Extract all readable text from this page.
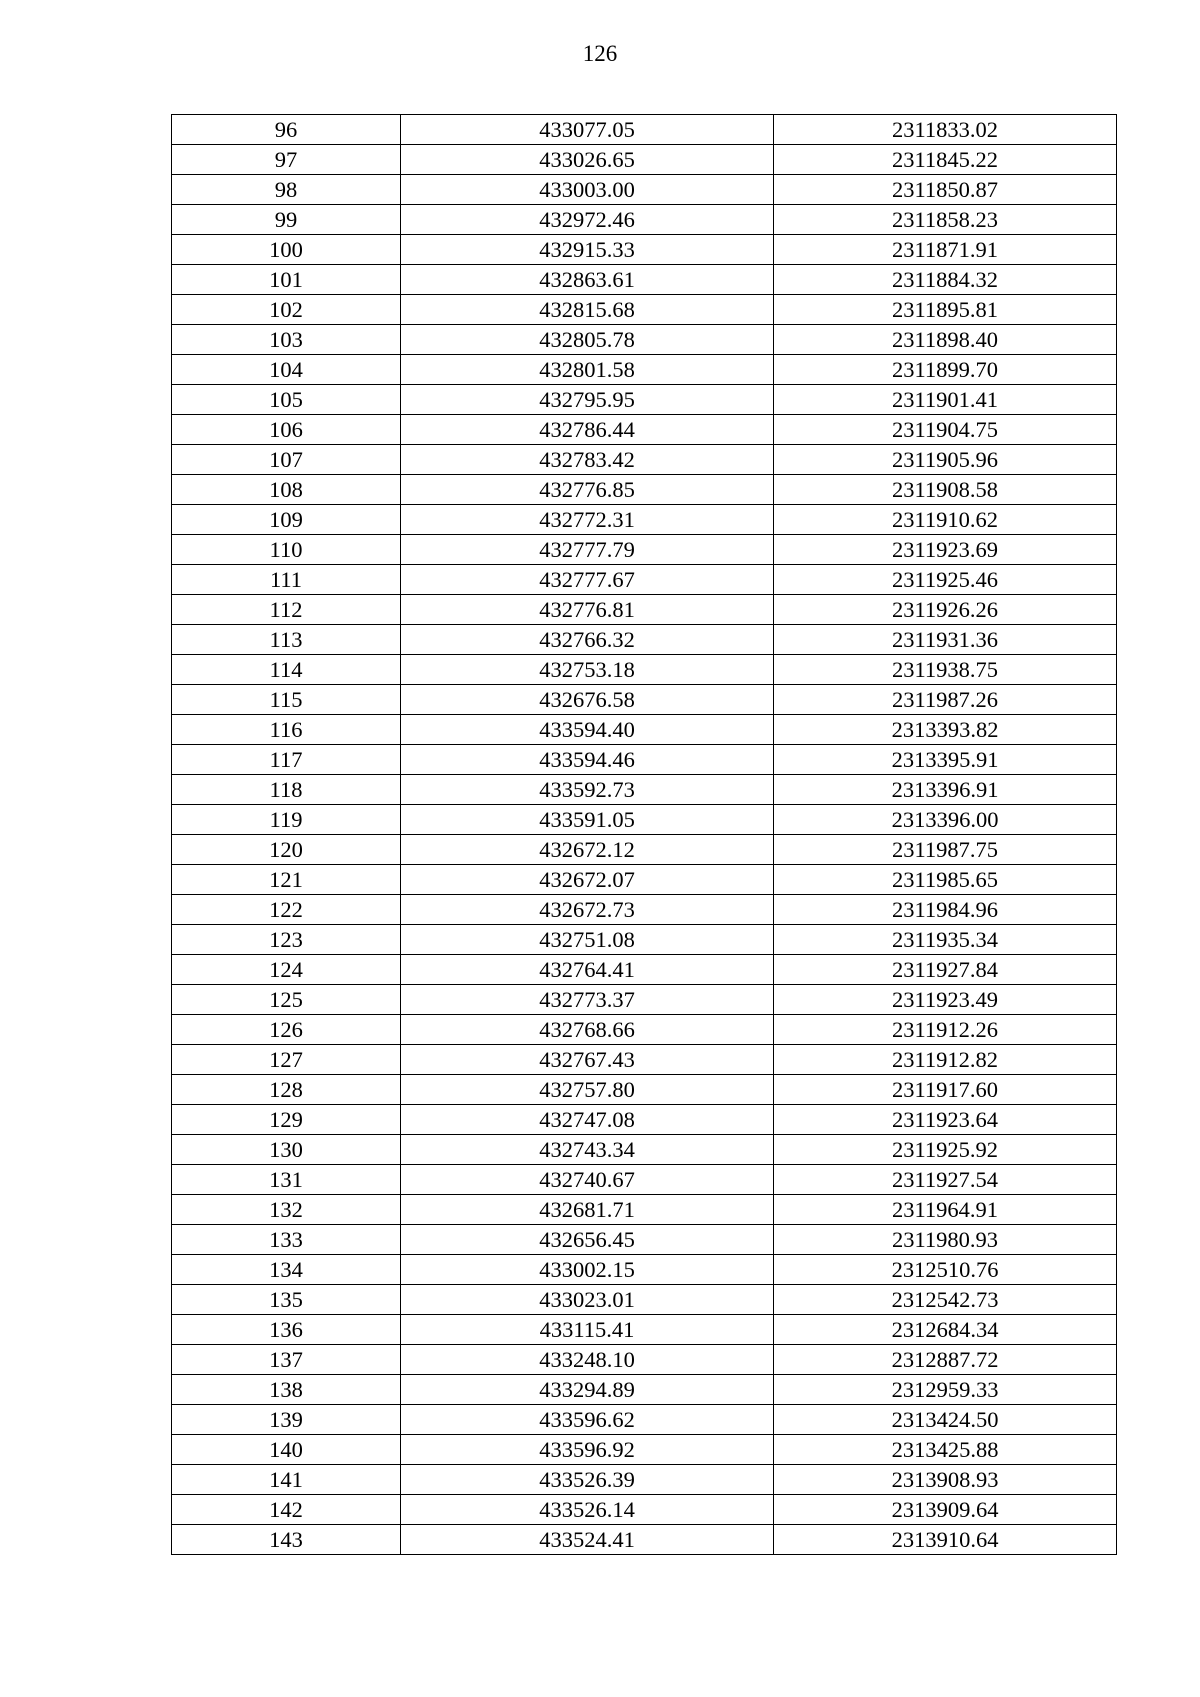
126
96	433077.05	2311833.02
97	433026.65	2311845.22
98	433003.00	2311850.87
99	432972.46	2311858.23
100	432915.33	2311871.91
101	432863.61	2311884.32
102	432815.68	2311895.81
103	432805.78	2311898.40
104	432801.58	2311899.70
105	432795.95	2311901.41
106	432786.44	2311904.75
107	432783.42	2311905.96
108	432776.85	2311908.58
109	432772.31	2311910.62
110	432777.79	2311923.69
111	432777.67	2311925.46
112	432776.81	2311926.26
113	432766.32	2311931.36
114	432753.18	2311938.75
115	432676.58	2311987.26
116	433594.40	2313393.82
117	433594.46	2313395.91
118	433592.73	2313396.91
119	433591.05	2313396.00
120	432672.12	2311987.75
121	432672.07	2311985.65
122	432672.73	2311984.96
123	432751.08	2311935.34
124	432764.41	2311927.84
125	432773.37	2311923.49
126	432768.66	2311912.26
127	432767.43	2311912.82
128	432757.80	2311917.60
129	432747.08	2311923.64
130	432743.34	2311925.92
131	432740.67	2311927.54
132	432681.71	2311964.91
133	432656.45	2311980.93
134	433002.15	2312510.76
135	433023.01	2312542.73
136	433115.41	2312684.34
137	433248.10	2312887.72
138	433294.89	2312959.33
139	433596.62	2313424.50
140	433596.92	2313425.88
141	433526.39	2313908.93
142	433526.14	2313909.64
143	433524.41	2313910.64
